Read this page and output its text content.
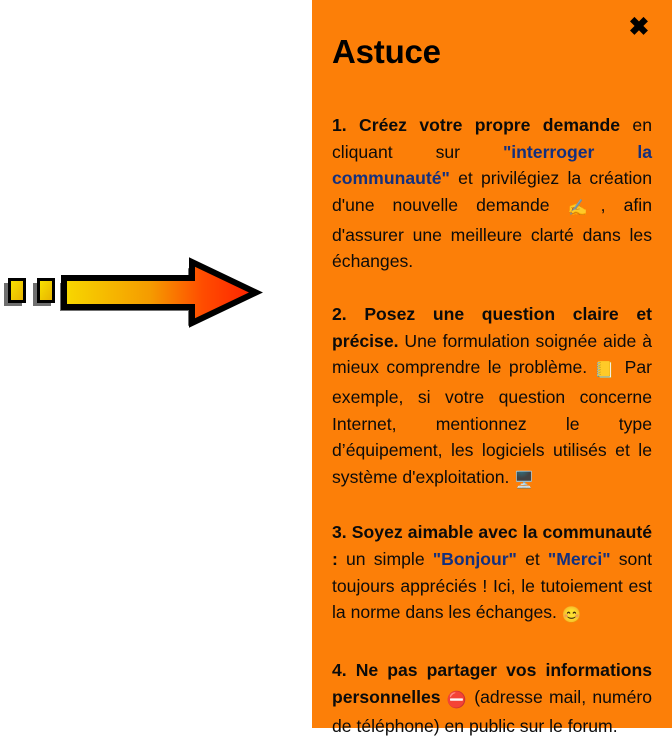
✖
Astuce

1. Créez votre propre demande en cliquant sur "interroger la communauté" et privilégiez la création d'une nouvelle demande ✍️, afin d'assurer une meilleure clarté dans les échanges.

2. Posez une question claire et précise. Une formulation soignée aide à mieux comprendre le problème. 📒 Par exemple, si votre question concerne Internet, mentionnez le type d’équipement, les logiciels utilisés et le système d'exploitation. 🖥️

3. Soyez aimable avec la communauté : un simple "Bonjour" et "Merci" sont toujours appréciés ! Ici, le tutoiement est la norme dans les échanges. 😊

4. Ne pas partager vos informations personnelles ⛔ (adresse mail, numéro de téléphone) en public sur le forum.
